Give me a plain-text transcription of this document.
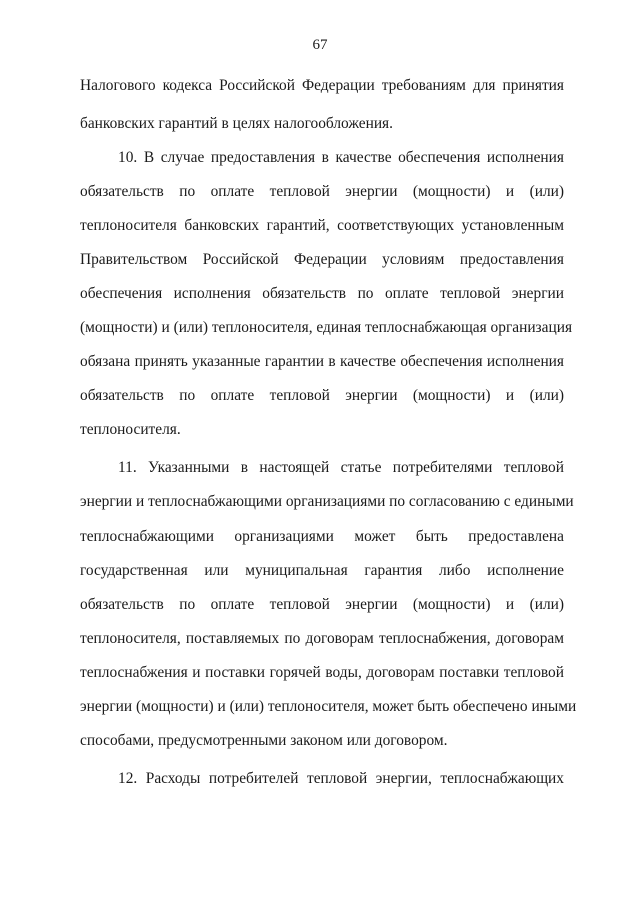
67
Налогового кодекса Российской Федерации требованиям для принятия
банковских гарантий в целях налогообложения.
10. В случае предоставления в качестве обеспечения исполнения
обязательств по оплате тепловой энергии (мощности) и (или)
теплоносителя банковских гарантий, соответствующих установленным
Правительством Российской Федерации условиям предоставления
обеспечения исполнения обязательств по оплате тепловой энергии
(мощности) и (или) теплоносителя, единая теплоснабжающая организация
обязана принять указанные гарантии в качестве обеспечения исполнения
обязательств по оплате тепловой энергии (мощности) и (или)
теплоносителя.
11. Указанными в настоящей статье потребителями тепловой
энергии и теплоснабжающими организациями по согласованию с едиными
теплоснабжающими организациями может быть предоставлена
государственная или муниципальная гарантия либо исполнение
обязательств по оплате тепловой энергии (мощности) и (или)
теплоносителя, поставляемых по договорам теплоснабжения, договорам
теплоснабжения и поставки горячей воды, договорам поставки тепловой
энергии (мощности) и (или) теплоносителя, может быть обеспечено иными
способами, предусмотренными законом или договором.
12. Расходы потребителей тепловой энергии, теплоснабжающих
